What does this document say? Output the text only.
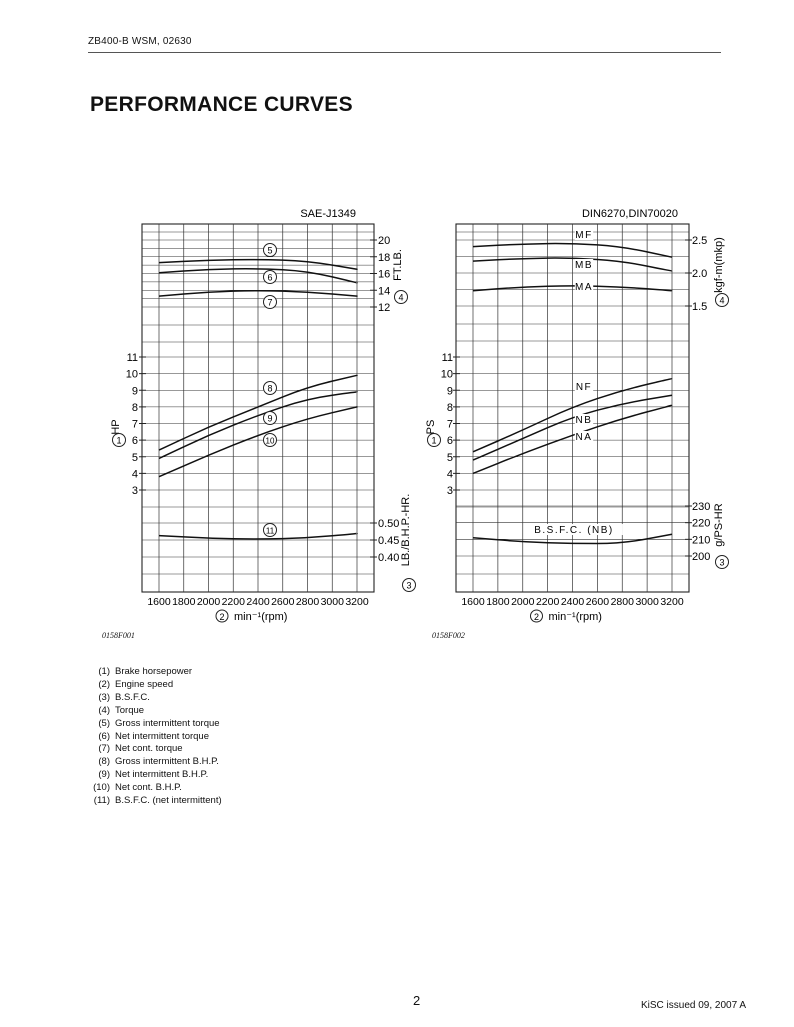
ZB400-B WSM, 02630
PERFORMANCE CURVES
20
18
16
14
12
11
10
9
8
7
6
5
4
3
0.50
0.45
0.40
1600 1800 2000 2200 2400 2600 2800 3000 3200
SAE-J1349
2 min⁻¹(rpm)
HP
1
FT.LB.
4
LB./B.H.P.-HR.
3
5
6
7
8
9
10
11
2.5
2.0
1.5
11
10
9
8
7
6
5
4
3
230
220
210
200
1600 1800 2000 2200 2400 2600 2800 3000 3200
DIN6270,DIN70020
2 min⁻¹(rpm)
PS
1
kgf-m(mkp)
4
g/PS-HR
3
MF
MB
MA
NF
NB
NA
B.S.F.C. (NB)
0158F001	0158F002
(1) Brake horsepower
(2) Engine speed
(3) B.S.F.C.
(4) Torque
(5) Gross intermittent torque
(6) Net intermittent torque
(7) Net cont. torque
(8) Gross intermittent B.H.P.
(9) Net intermittent B.H.P.
(10) Net cont. B.H.P.
(11) B.S.F.C. (net intermittent)
2	KiSC issued 09, 2007 A
